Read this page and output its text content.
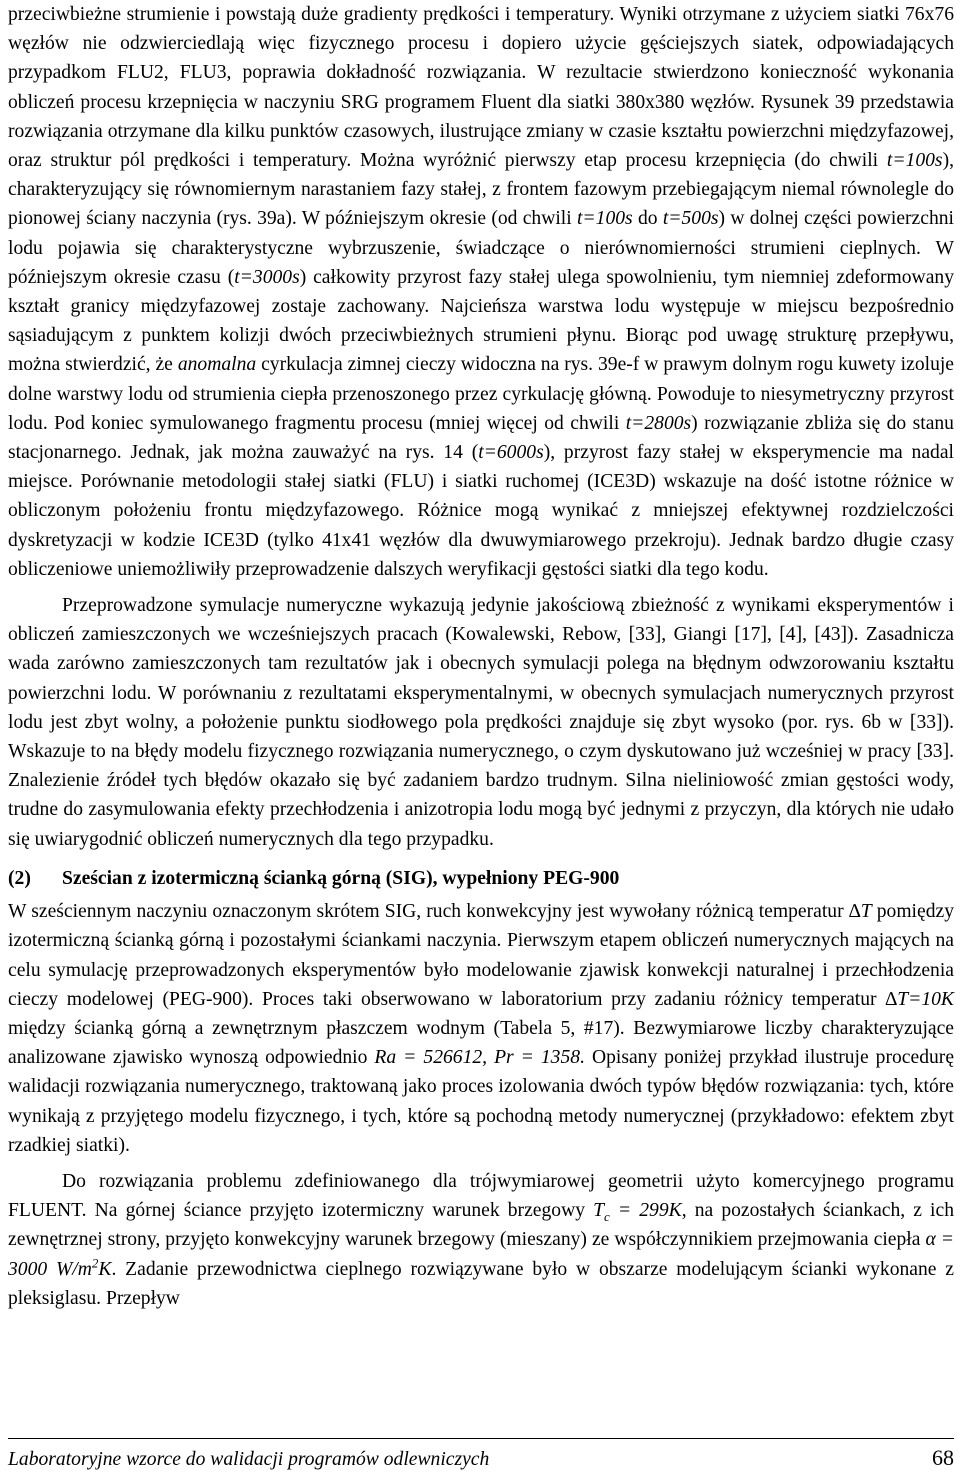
przeciwbieżne strumienie i powstają duże gradienty prędkości i temperatury. Wyniki otrzymane z użyciem siatki 76x76 węzłów nie odzwierciedlają więc fizycznego procesu i dopiero użycie gęściejszych siatek, odpowiadających przypadkom FLU2, FLU3, poprawia dokładność rozwiązania. W rezultacie stwierdzono konieczność wykonania obliczeń procesu krzepnięcia w naczyniu SRG programem Fluent dla siatki 380x380 węzłów. Rysunek 39 przedstawia rozwiązania otrzymane dla kilku punktów czasowych, ilustrujące zmiany w czasie kształtu powierzchni międzyfazowej, oraz struktur pól prędkości i temperatury. Można wyróżnić pierwszy etap procesu krzepnięcia (do chwili t=100s), charakteryzujący się równomiernym narastaniem fazy stałej, z frontem fazowym przebiegającym niemal równolegle do pionowej ściany naczynia (rys. 39a). W późniejszym okresie (od chwili t=100s do t=500s) w dolnej części powierzchni lodu pojawia się charakterystyczne wybrzuszenie, świadczące o nierównomierności strumieni cieplnych. W późniejszym okresie czasu (t=3000s) całkowity przyrost fazy stałej ulega spowolnieniu, tym niemniej zdeformowany kształt granicy międzyfazowej zostaje zachowany. Najcieńsza warstwa lodu występuje w miejscu bezpośrednio sąsiadującym z punktem kolizji dwóch przeciwbieżnych strumieni płynu. Biorąc pod uwagę strukturę przepływu, można stwierdzić, że anomalna cyrkulacja zimnej cieczy widoczna na rys. 39e-f w prawym dolnym rogu kuwety izoluje dolne warstwy lodu od strumienia ciepła przenoszonego przez cyrkulację główną. Powoduje to niesymetryczny przyrost lodu. Pod koniec symulowanego fragmentu procesu (mniej więcej od chwili t=2800s) rozwiązanie zbliża się do stanu stacjonarnego. Jednak, jak można zauważyć na rys. 14 (t=6000s), przyrost fazy stałej w eksperymencie ma nadal miejsce. Porównanie metodologii stałej siatki (FLU) i siatki ruchomej (ICE3D) wskazuje na dość istotne różnice w obliczonym położeniu frontu międzyfazowego. Różnice mogą wynikać z mniejszej efektywnej rozdzielczości dyskretyzacji w kodzie ICE3D (tylko 41x41 węzłów dla dwuwymiarowego przekroju). Jednak bardzo długie czasy obliczeniowe uniemożliwiły przeprowadzenie dalszych weryfikacji gęstości siatki dla tego kodu.

Przeprowadzone symulacje numeryczne wykazują jedynie jakościową zbieżność z wynikami eksperymentów i obliczeń zamieszczonych we wcześniejszych pracach (Kowalewski, Rebow, [33], Giangi [17], [4], [43]). Zasadnicza wada zarówno zamieszczonych tam rezultatów jak i obecnych symulacji polega na błędnym odwzorowaniu kształtu powierzchni lodu. W porównaniu z rezultatami eksperymentalnymi, w obecnych symulacjach numerycznych przyrost lodu jest zbyt wolny, a położenie punktu siodłowego pola prędkości znajduje się zbyt wysoko (por. rys. 6b w [33]). Wskazuje to na błędy modelu fizycznego rozwiązania numerycznego, o czym dyskutowano już wcześniej w pracy [33]. Znalezienie źródeł tych błędów okazało się być zadaniem bardzo trudnym. Silna nieliniowość zmian gęstości wody, trudne do zasymulowania efekty przechłodzenia i anizotropia lodu mogą być jednymi z przyczyn, dla których nie udało się uwiarygodnić obliczeń numerycznych dla tego przypadku.

(2)	Sześcian z izotermiczną ścianką górną (SIG), wypełniony PEG-900

W sześciennym naczyniu oznaczonym skrótem SIG, ruch konwekcyjny jest wywołany różnicą temperatur ∆T pomiędzy izotermiczną ścianką górną i pozostałymi ściankami naczynia. Pierwszym etapem obliczeń numerycznych mających na celu symulację przeprowadzonych eksperymentów było modelowanie zjawisk konwekcji naturalnej i przechłodzenia cieczy modelowej (PEG-900). Proces taki obserwowano w laboratorium przy zadaniu różnicy temperatur ∆T=10K między ścianką górną a zewnętrznym płaszczem wodnym (Tabela 5, #17). Bezwymiarowe liczby charakteryzujące analizowane zjawisko wynoszą odpowiednio Ra = 526612, Pr = 1358. Opisany poniżej przykład ilustruje procedurę walidacji rozwiązania numerycznego, traktowaną jako proces izolowania dwóch typów błędów rozwiązania: tych, które wynikają z przyjętego modelu fizycznego, i tych, które są pochodną metody numerycznej (przykładowo: efektem zbyt rzadkiej siatki).

Do rozwiązania problemu zdefiniowanego dla trójwymiarowej geometrii użyto komercyjnego programu FLUENT. Na górnej ściance przyjęto izotermiczny warunek brzegowy $T_c = 299K$, na pozostałych ściankach, z ich zewnętrznej strony, przyjęto konwekcyjny warunek brzegowy (mieszany) ze współczynnikiem przejmowania ciepła α = 3000 $W/m^2K$. Zadanie przewodnictwa cieplnego rozwiązywane było w obszarze modelującym ścianki wykonane z pleksiglasu. Przepływ

Laboratoryjne wzorce do walidacji programów odlewniczych	68
